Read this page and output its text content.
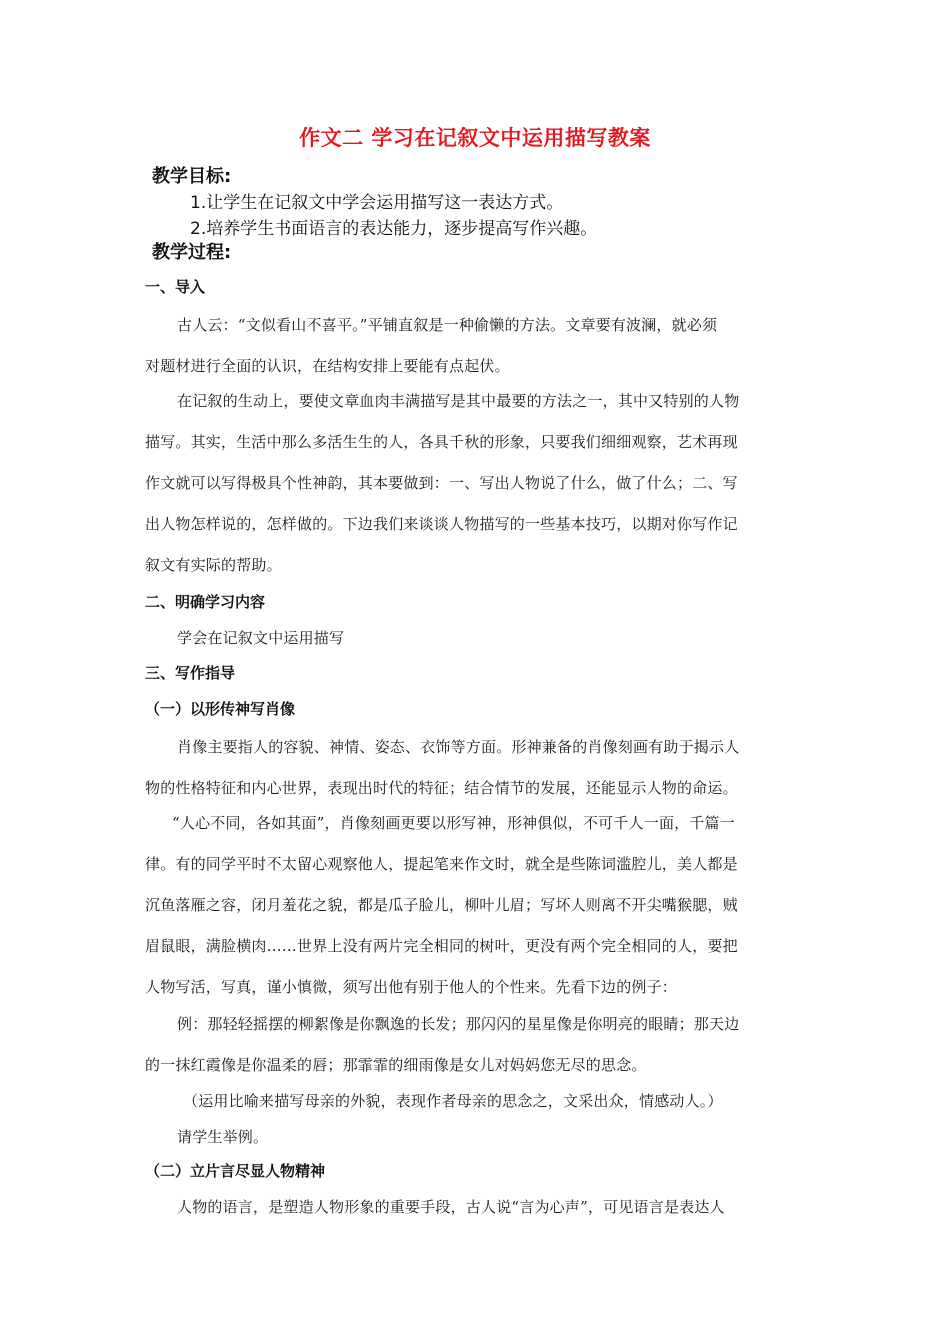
作文二 学习在记叙文中运用描写教案
教学目标:
1.让学生在记叙文中学会运用描写这一表达方式。
2.培养学生书面语言的表达能力，逐步提高写作兴趣。
教学过程:
一、导入
古人云：“文似看山不喜平。”平铺直叙是一种偷懒的方法。文章要有波澜，就必须
对题材进行全面的认识，在结构安排上要能有点起伏。
在记叙的生动上，要使文章血肉丰满描写是其中最要的方法之一，其中又特别的人物
描写。其实，生活中那么多活生生的人，各具千秋的形象，只要我们细细观察，艺术再现
作文就可以写得极具个性神韵，其本要做到：一、写出人物说了什么，做了什么；二、写
出人物怎样说的，怎样做的。下边我们来谈谈人物描写的一些基本技巧，以期对你写作记
叙文有实际的帮助。
二、明确学习内容
学会在记叙文中运用描写
三、写作指导
（一）以形传神写肖像
肖像主要指人的容貌、神情、姿态、衣饰等方面。形神兼备的肖像刻画有助于揭示人
物的性格特征和内心世界，表现出时代的特征；结合情节的发展，还能显示人物的命运。
“人心不同，各如其面”，肖像刻画更要以形写神，形神俱似，不可千人一面，千篇一
律。有的同学平时不太留心观察他人，提起笔来作文时，就全是些陈词滥腔儿，美人都是
沉鱼落雁之容，闭月羞花之貌，都是瓜子脸儿，柳叶儿眉；写坏人则离不开尖嘴猴腮，贼
眉鼠眼，满脸横肉……世界上没有两片完全相同的树叶，更没有两个完全相同的人，要把
人物写活，写真，谨小慎微，须写出他有别于他人的个性来。先看下边的例子：
例：那轻轻摇摆的柳絮像是你飘逸的长发；那闪闪的星星像是你明亮的眼睛；那天边
的一抹红霞像是你温柔的唇；那霏霏的细雨像是女儿对妈妈您无尽的思念。
（运用比喻来描写母亲的外貌，表现作者母亲的思念之，文采出众，情感动人。）
请学生举例。
（二）立片言尽显人物精神
人物的语言，是塑造人物形象的重要手段，古人说“言为心声”，可见语言是表达人
